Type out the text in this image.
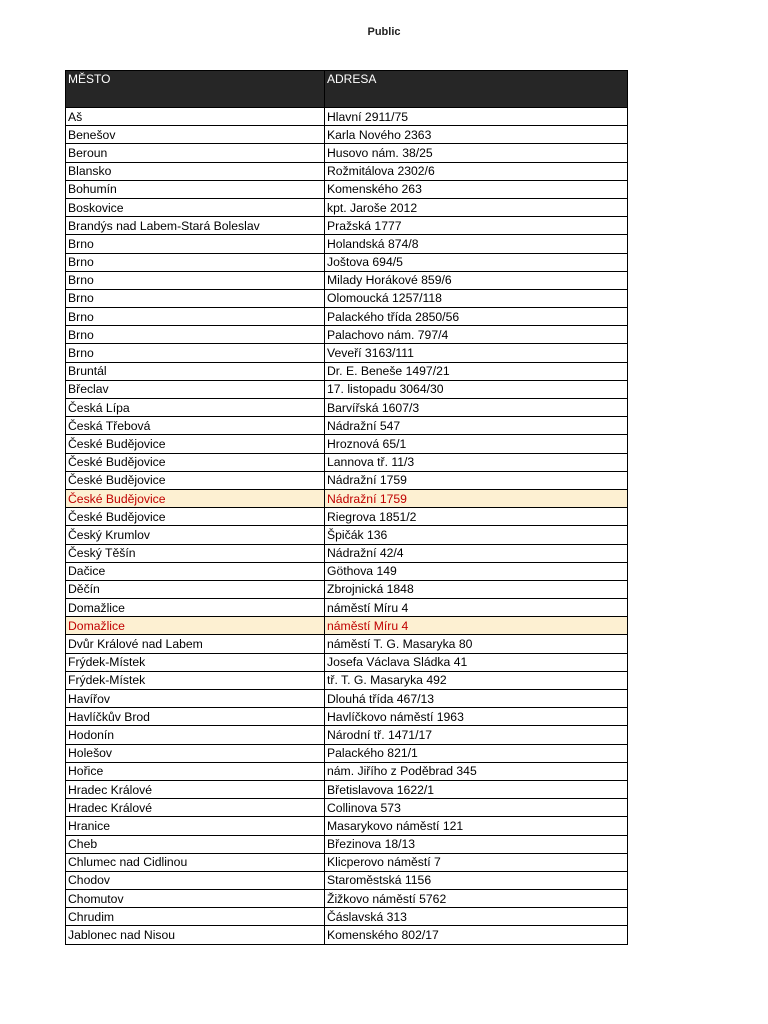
Public
MĚSTO	ADRESA
Aš	Hlavní 2911/75
Benešov	Karla Nového 2363
Beroun	Husovo nám. 38/25
Blansko	Rožmitálova 2302/6
Bohumín	Komenského 263
Boskovice	kpt. Jaroše 2012
Brandýs nad Labem-Stará Boleslav	Pražská 1777
Brno	Holandská 874/8
Brno	Joštova 694/5
Brno	Milady Horákové 859/6
Brno	Olomoucká 1257/118
Brno	Palackého třída 2850/56
Brno	Palachovo nám. 797/4
Brno	Veveří 3163/111
Bruntál	Dr. E. Beneše 1497/21
Břeclav	17. listopadu 3064/30
Česká Lípa	Barvířská 1607/3
Česká Třebová	Nádražní 547
České Budějovice	Hroznová 65/1
České Budějovice	Lannova tř. 11/3
České Budějovice	Nádražní 1759
České Budějovice	Nádražní 1759
České Budějovice	Riegrova 1851/2
Český Krumlov	Špičák 136
Český Těšín	Nádražní 42/4
Dačice	Göthova 149
Děčín	Zbrojnická 1848
Domažlice	náměstí Míru 4
Domažlice	náměstí Míru 4
Dvůr Králové nad Labem	náměstí T. G. Masaryka 80
Frýdek-Místek	Josefa Václava Sládka 41
Frýdek-Místek	tř. T. G. Masaryka 492
Havířov	Dlouhá třída 467/13
Havlíčkův Brod	Havlíčkovo náměstí 1963
Hodonín	Národní tř. 1471/17
Holešov	Palackého 821/1
Hořice	nám. Jiřího z Poděbrad 345
Hradec Králové	Břetislavova 1622/1
Hradec Králové	Collinova 573
Hranice	Masarykovo náměstí 121
Cheb	Březinova 18/13
Chlumec nad Cidlinou	Klicperovo náměstí 7
Chodov	Staroměstská 1156
Chomutov	Žižkovo náměstí 5762
Chrudim	Čáslavská 313
Jablonec nad Nisou	Komenského 802/17
